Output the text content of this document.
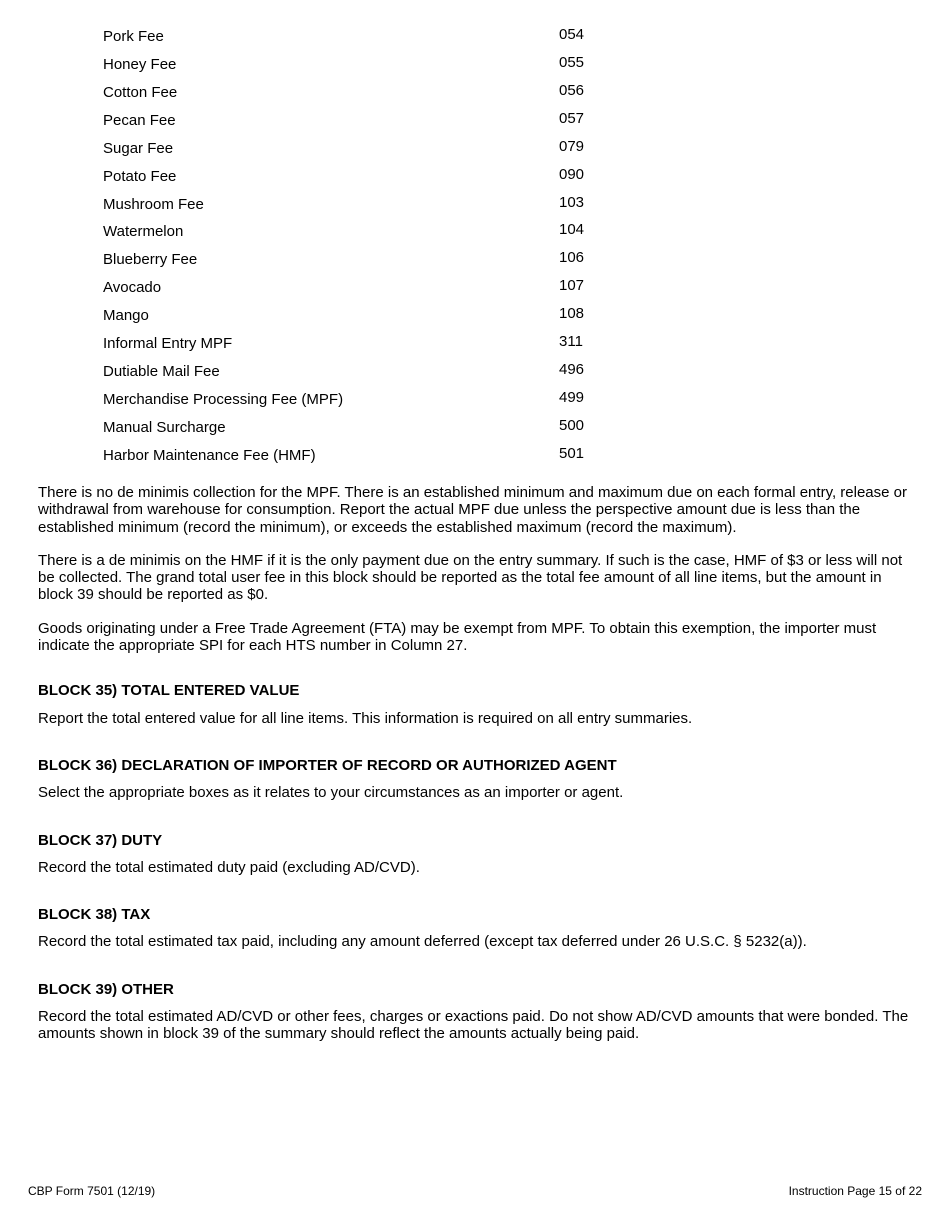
Pork Fee	054
Honey Fee	055
Cotton Fee	056
Pecan Fee	057
Sugar Fee	079
Potato Fee	090
Mushroom Fee	103
Watermelon	104
Blueberry Fee	106
Avocado	107
Mango	108
Informal Entry MPF	311
Dutiable Mail Fee	496
Merchandise Processing Fee (MPF)	499
Manual Surcharge	500
Harbor Maintenance Fee (HMF)	501

There is no de minimis collection for the MPF. There is an established minimum and maximum due on each formal entry, release or withdrawal from warehouse for consumption. Report the actual MPF due unless the perspective amount due is less than the established minimum (record the minimum), or exceeds the established maximum (record the maximum).

There is a de minimis on the HMF if it is the only payment due on the entry summary. If such is the case, HMF of $3 or less will not be collected. The grand total user fee in this block should be reported as the total fee amount of all line items, but the amount in block 39 should be reported as $0.

Goods originating under a Free Trade Agreement (FTA) may be exempt from MPF. To obtain this exemption, the importer must indicate the appropriate SPI for each HTS number in Column 27.

BLOCK 35) TOTAL ENTERED VALUE

Report the total entered value for all line items. This information is required on all entry summaries.

BLOCK 36) DECLARATION OF IMPORTER OF RECORD OR AUTHORIZED AGENT

Select the appropriate boxes as it relates to your circumstances as an importer or agent.

BLOCK 37) DUTY

Record the total estimated duty paid (excluding AD/CVD).

BLOCK 38) TAX

Record the total estimated tax paid, including any amount deferred (except tax deferred under 26 U.S.C. § 5232(a)).

BLOCK 39) OTHER

Record the total estimated AD/CVD or other fees, charges or exactions paid. Do not show AD/CVD amounts that were bonded. The amounts shown in block 39 of the summary should reflect the amounts actually being paid.

CBP Form 7501 (12/19)	Instruction Page 15 of 22
